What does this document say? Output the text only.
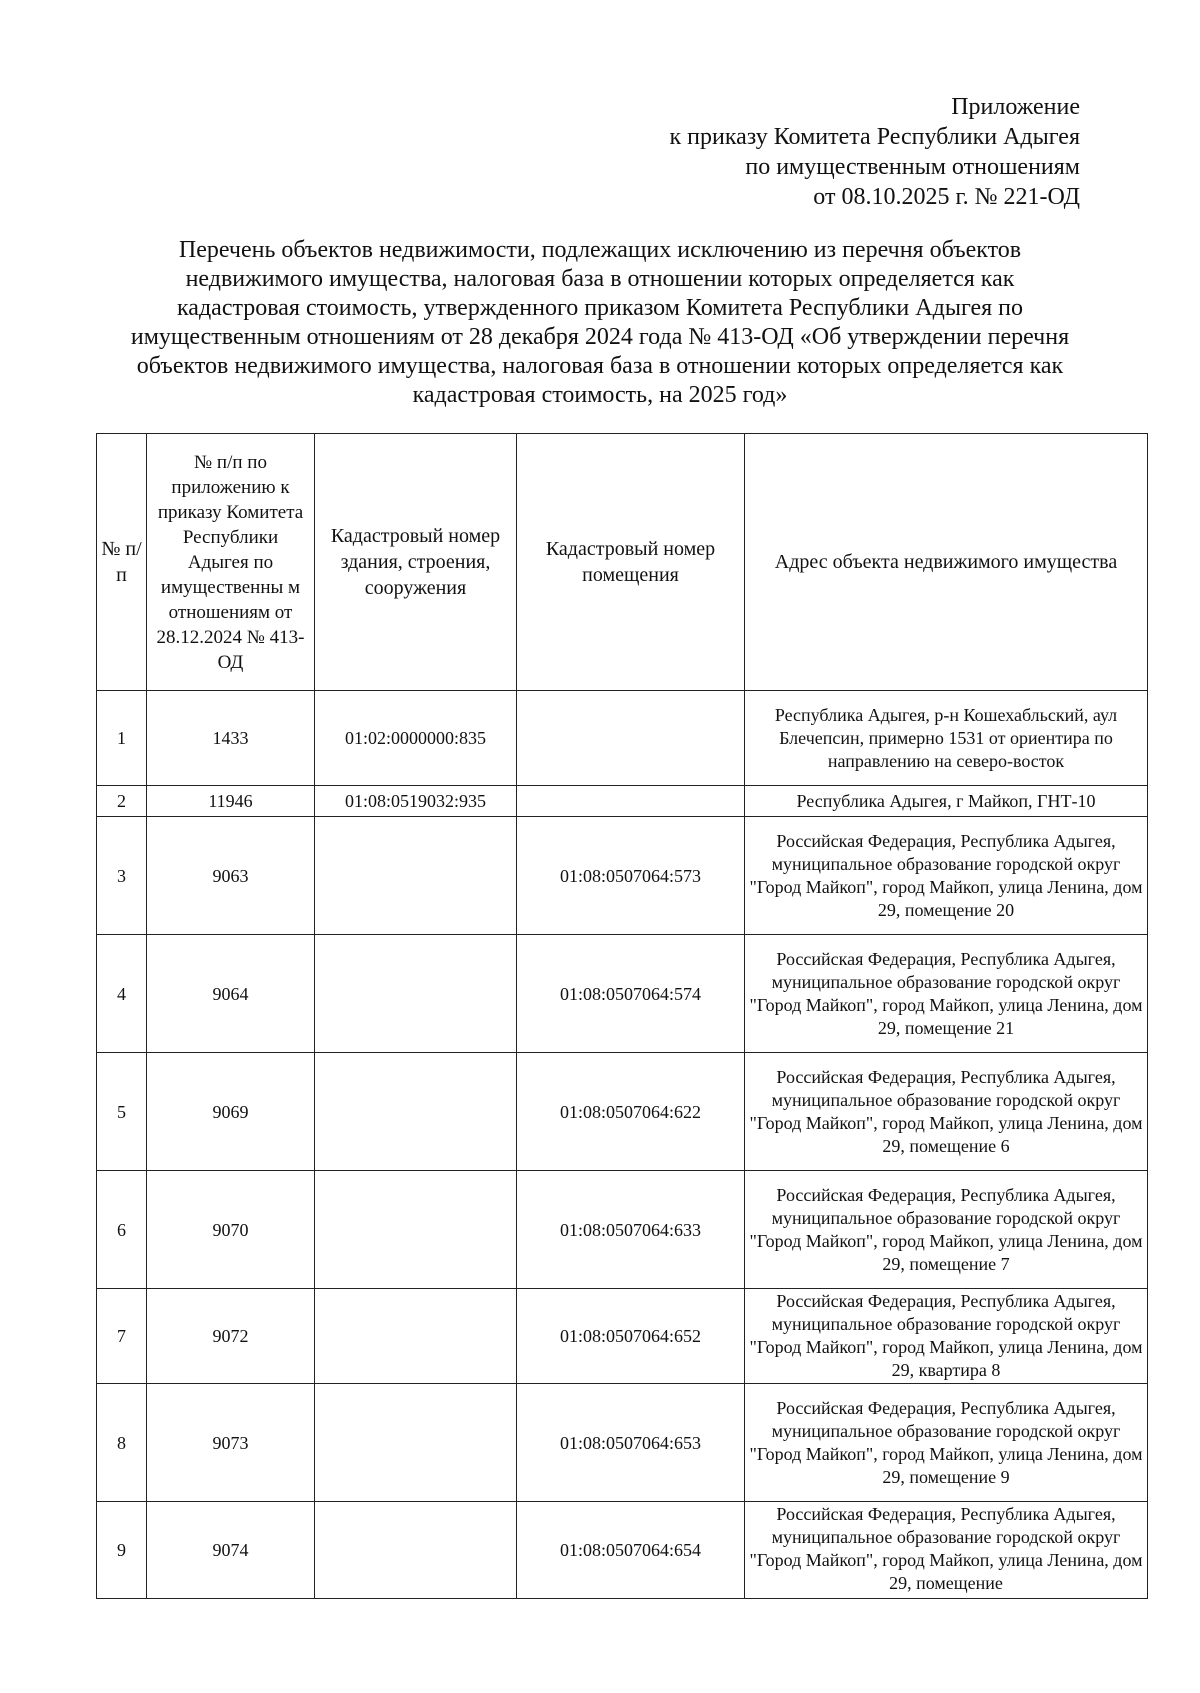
Приложение
к приказу Комитета Республики Адыгея
по имущественным отношениям
от 08.10.2025 г. № 221-ОД
Перечень объектов недвижимости, подлежащих исключению из перечня объектов
недвижимого имущества, налоговая база в отношении которых определяется как
кадастровая стоимость, утвержденного приказом Комитета Республики Адыгея по
имущественным отношениям от 28 декабря 2024 года № 413-ОД «Об утверждении перечня
объектов недвижимого имущества, налоговая база в отношении которых определяется как
кадастровая стоимость, на 2025 год»
№ п/п	№ п/п по приложению к приказу Комитета Республики Адыгея по имущественны м отношениям от 28.12.2024 № 413-ОД	Кадастровый номер здания, строения, сооружения	Кадастровый номер помещения	Адрес объекта недвижимого имущества
1	1433	01:02:0000000:835		Республика Адыгея, р-н Кошехабльский, аул Блечепсин, примерно 1531 от ориентира по направлению на северо-восток
2	11946	01:08:0519032:935		Республика Адыгея, г Майкоп, ГНТ-10
3	9063		01:08:0507064:573	Российская Федерация, Республика Адыгея, муниципальное образование городской округ "Город Майкоп", город Майкоп, улица Ленина, дом 29, помещение 20
4	9064		01:08:0507064:574	Российская Федерация, Республика Адыгея, муниципальное образование городской округ "Город Майкоп", город Майкоп, улица Ленина, дом 29, помещение 21
5	9069		01:08:0507064:622	Российская Федерация, Республика Адыгея, муниципальное образование городской округ "Город Майкоп", город Майкоп, улица Ленина, дом 29, помещение 6
6	9070		01:08:0507064:633	Российская Федерация, Республика Адыгея, муниципальное образование городской округ "Город Майкоп", город Майкоп, улица Ленина, дом 29, помещение 7
7	9072		01:08:0507064:652	Российская Федерация, Республика Адыгея, муниципальное образование городской округ "Город Майкоп", город Майкоп, улица Ленина, дом 29, квартира 8
8	9073		01:08:0507064:653	Российская Федерация, Республика Адыгея, муниципальное образование городской округ "Город Майкоп", город Майкоп, улица Ленина, дом 29, помещение 9
9	9074		01:08:0507064:654	Российская Федерация, Республика Адыгея, муниципальное образование городской округ "Город Майкоп", город Майкоп, улица Ленина, дом 29, помещение
